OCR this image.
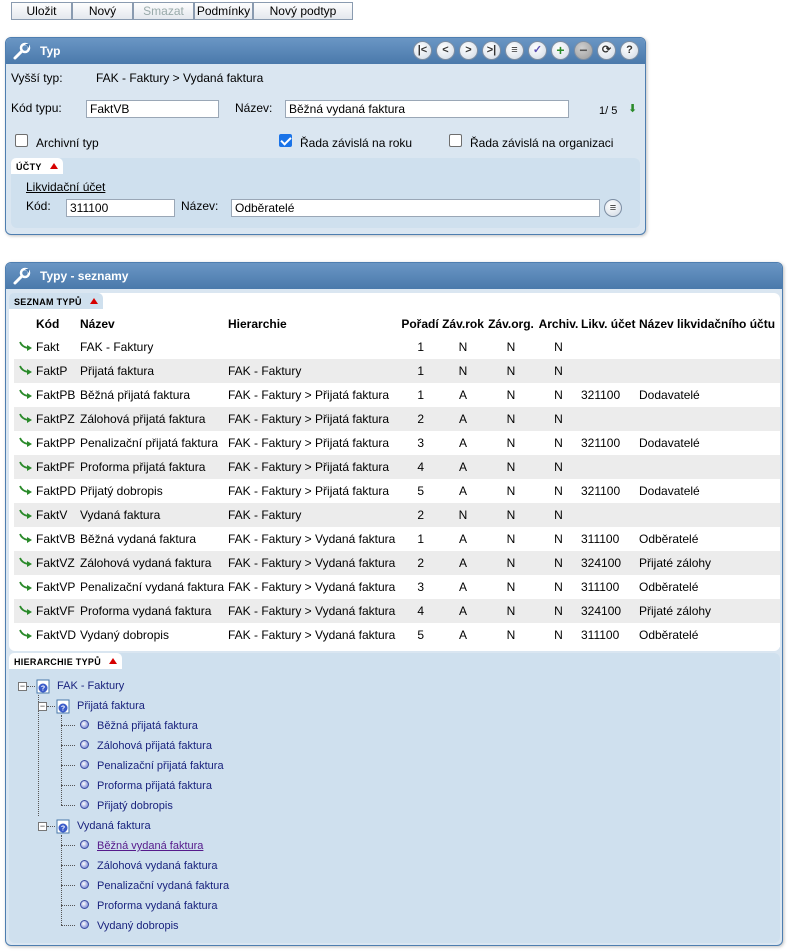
Uložit	Nový	Smazat	Podmínky	Nový podtyp
Typ	|<	<	>	>|	≡	✓	+	−	⟳	?
Vyšší typ:	FAK - Faktury > Vydaná faktura
Kód typu:	FaktVB	Název:	Běžná vydaná faktura	1/ 5 ⬇
Archivní typ	Řada závislá na roku	Řada závislá na organizaci
ÚČTY
Likvidační účet
Kód:	311100	Název:	Odběratelé	≡
Typy - seznamy
SEZNAM TYPŮ
	Kód	Název	Hierarchie	Pořadí	Záv.rok	Záv.org.	Archiv.	Likv. účet	Název likvidačního účtu
	Fakt	FAK - Faktury		1	N	N	N		
	FaktP	Přijatá faktura	FAK - Faktury	1	N	N	N		
	FaktPB	Běžná přijatá faktura	FAK - Faktury > Přijatá faktura	1	A	N	N	321100	Dodavatelé
	FaktPZ	Zálohová přijatá faktura	FAK - Faktury > Přijatá faktura	2	A	N	N		
	FaktPP	Penalizační přijatá faktura	FAK - Faktury > Přijatá faktura	3	A	N	N	321100	Dodavatelé
	FaktPF	Proforma přijatá faktura	FAK - Faktury > Přijatá faktura	4	A	N	N		
	FaktPD	Přijatý dobropis	FAK - Faktury > Přijatá faktura	5	A	N	N	321100	Dodavatelé
	FaktV	Vydaná faktura	FAK - Faktury	2	N	N	N		
	FaktVB	Běžná vydaná faktura	FAK - Faktury > Vydaná faktura	1	A	N	N	311100	Odběratelé
	FaktVZ	Zálohová vydaná faktura	FAK - Faktury > Vydaná faktura	2	A	N	N	324100	Přijaté zálohy
	FaktVP	Penalizační vydaná faktura	FAK - Faktury > Vydaná faktura	3	A	N	N	311100	Odběratelé
	FaktVF	Proforma vydaná faktura	FAK - Faktury > Vydaná faktura	4	A	N	N	324100	Přijaté zálohy
	FaktVD	Vydaný dobropis	FAK - Faktury > Vydaná faktura	5	A	N	N	311100	Odběratelé
HIERARCHIE TYPŮ
− ? FAK - Faktury
− ? Přijatá faktura
Běžná přijatá faktura
Zálohová přijatá faktura
Penalizační přijatá faktura
Proforma přijatá faktura
Přijatý dobropis
− ? Vydaná faktura
Běžná vydaná faktura
Zálohová vydaná faktura
Penalizační vydaná faktura
Proforma vydaná faktura
Vydaný dobropis
